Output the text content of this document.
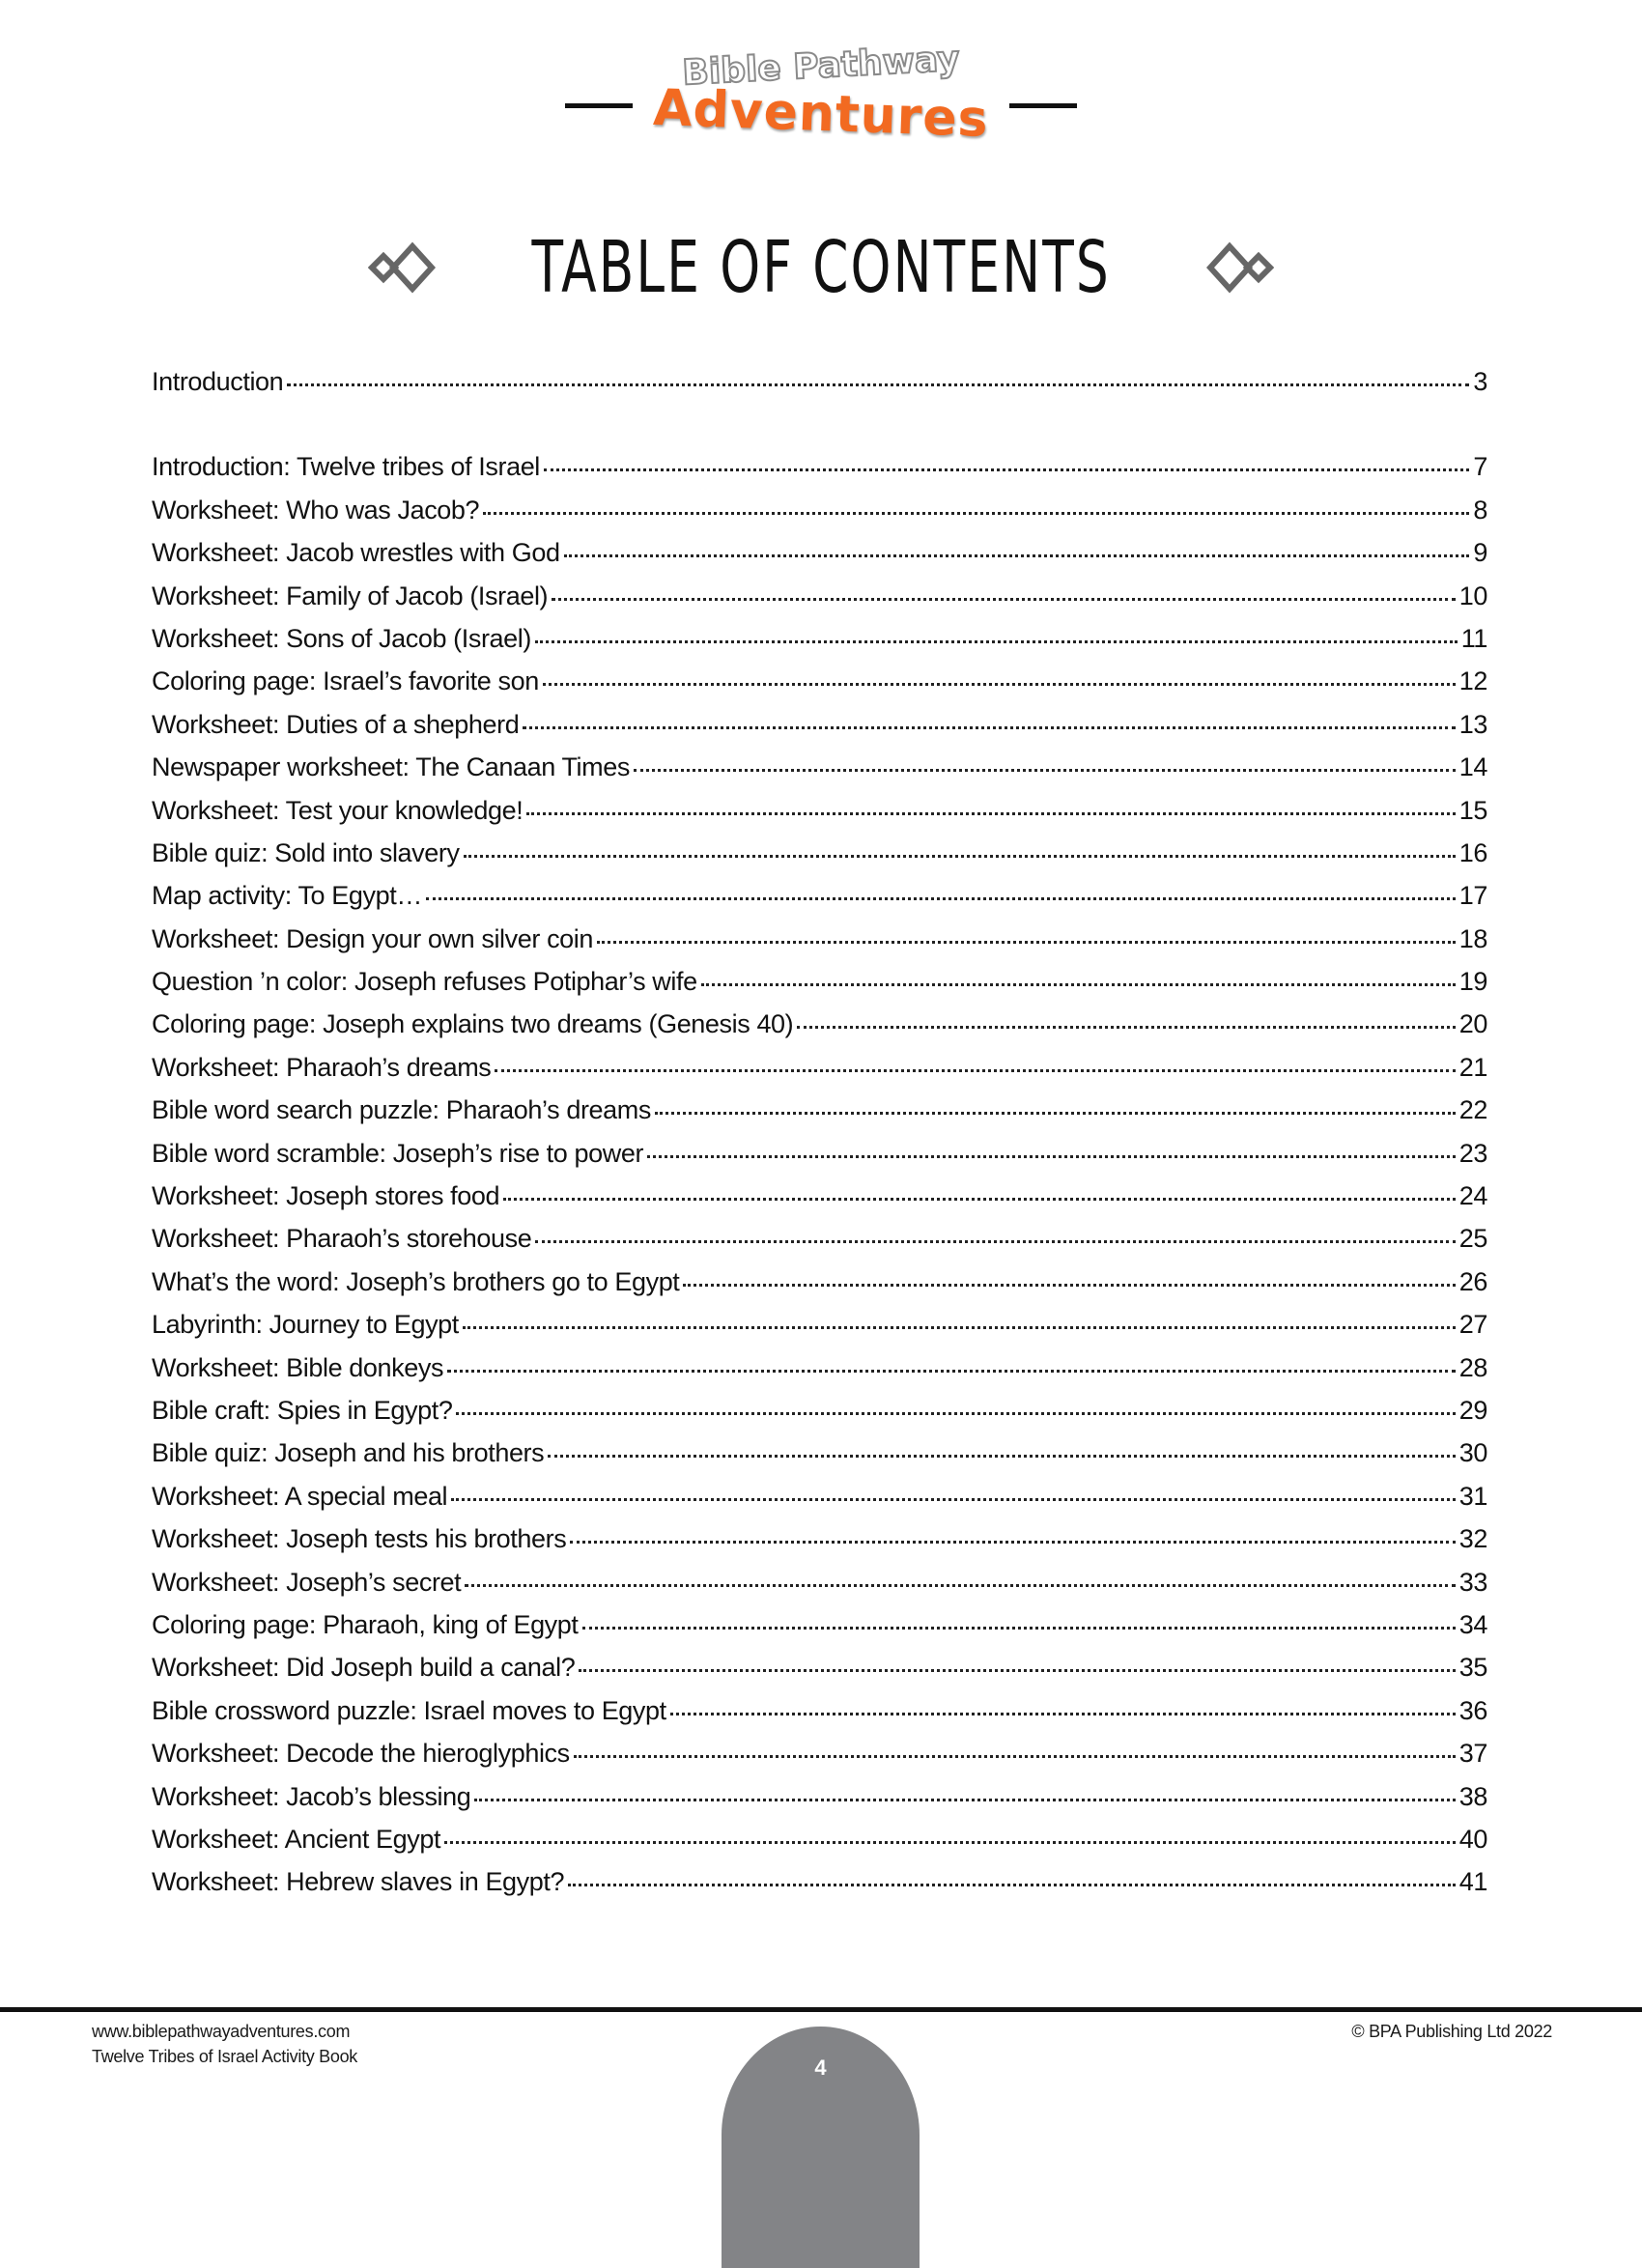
Bible Pathway
Adventures
TABLE OF CONTENTS
Introduction	3
Introduction: Twelve tribes of Israel	7
Worksheet: Who was Jacob?	8
Worksheet: Jacob wrestles with God	9
Worksheet: Family of Jacob (Israel)	10
Worksheet: Sons of Jacob (Israel)	11
Coloring page: Israel’s favorite son	12
Worksheet: Duties of a shepherd	13
Newspaper worksheet: The Canaan Times	14
Worksheet: Test your knowledge!	15
Bible quiz: Sold into slavery	16
Map activity: To Egypt…	17
Worksheet: Design your own silver coin	18
Question ’n color: Joseph refuses Potiphar’s wife	19
Coloring page: Joseph explains two dreams (Genesis 40)	20
Worksheet: Pharaoh’s dreams	21
Bible word search puzzle: Pharaoh’s dreams	22
Bible word scramble: Joseph’s rise to power	23
Worksheet: Joseph stores food	24
Worksheet: Pharaoh’s storehouse	25
What’s the word: Joseph’s brothers go to Egypt	26
Labyrinth: Journey to Egypt	27
Worksheet: Bible donkeys	28
Bible craft: Spies in Egypt?	29
Bible quiz: Joseph and his brothers	30
Worksheet: A special meal	31
Worksheet: Joseph tests his brothers	32
Worksheet: Joseph’s secret	33
Coloring page: Pharaoh, king of Egypt	34
Worksheet: Did Joseph build a canal?	35
Bible crossword puzzle: Israel moves to Egypt	36
Worksheet: Decode the hieroglyphics	37
Worksheet: Jacob’s blessing	38
Worksheet: Ancient Egypt	40
Worksheet: Hebrew slaves in Egypt?	41
www.biblepathwayadventures.com
Twelve Tribes of Israel Activity Book	4
© BPA Publishing Ltd 2022
